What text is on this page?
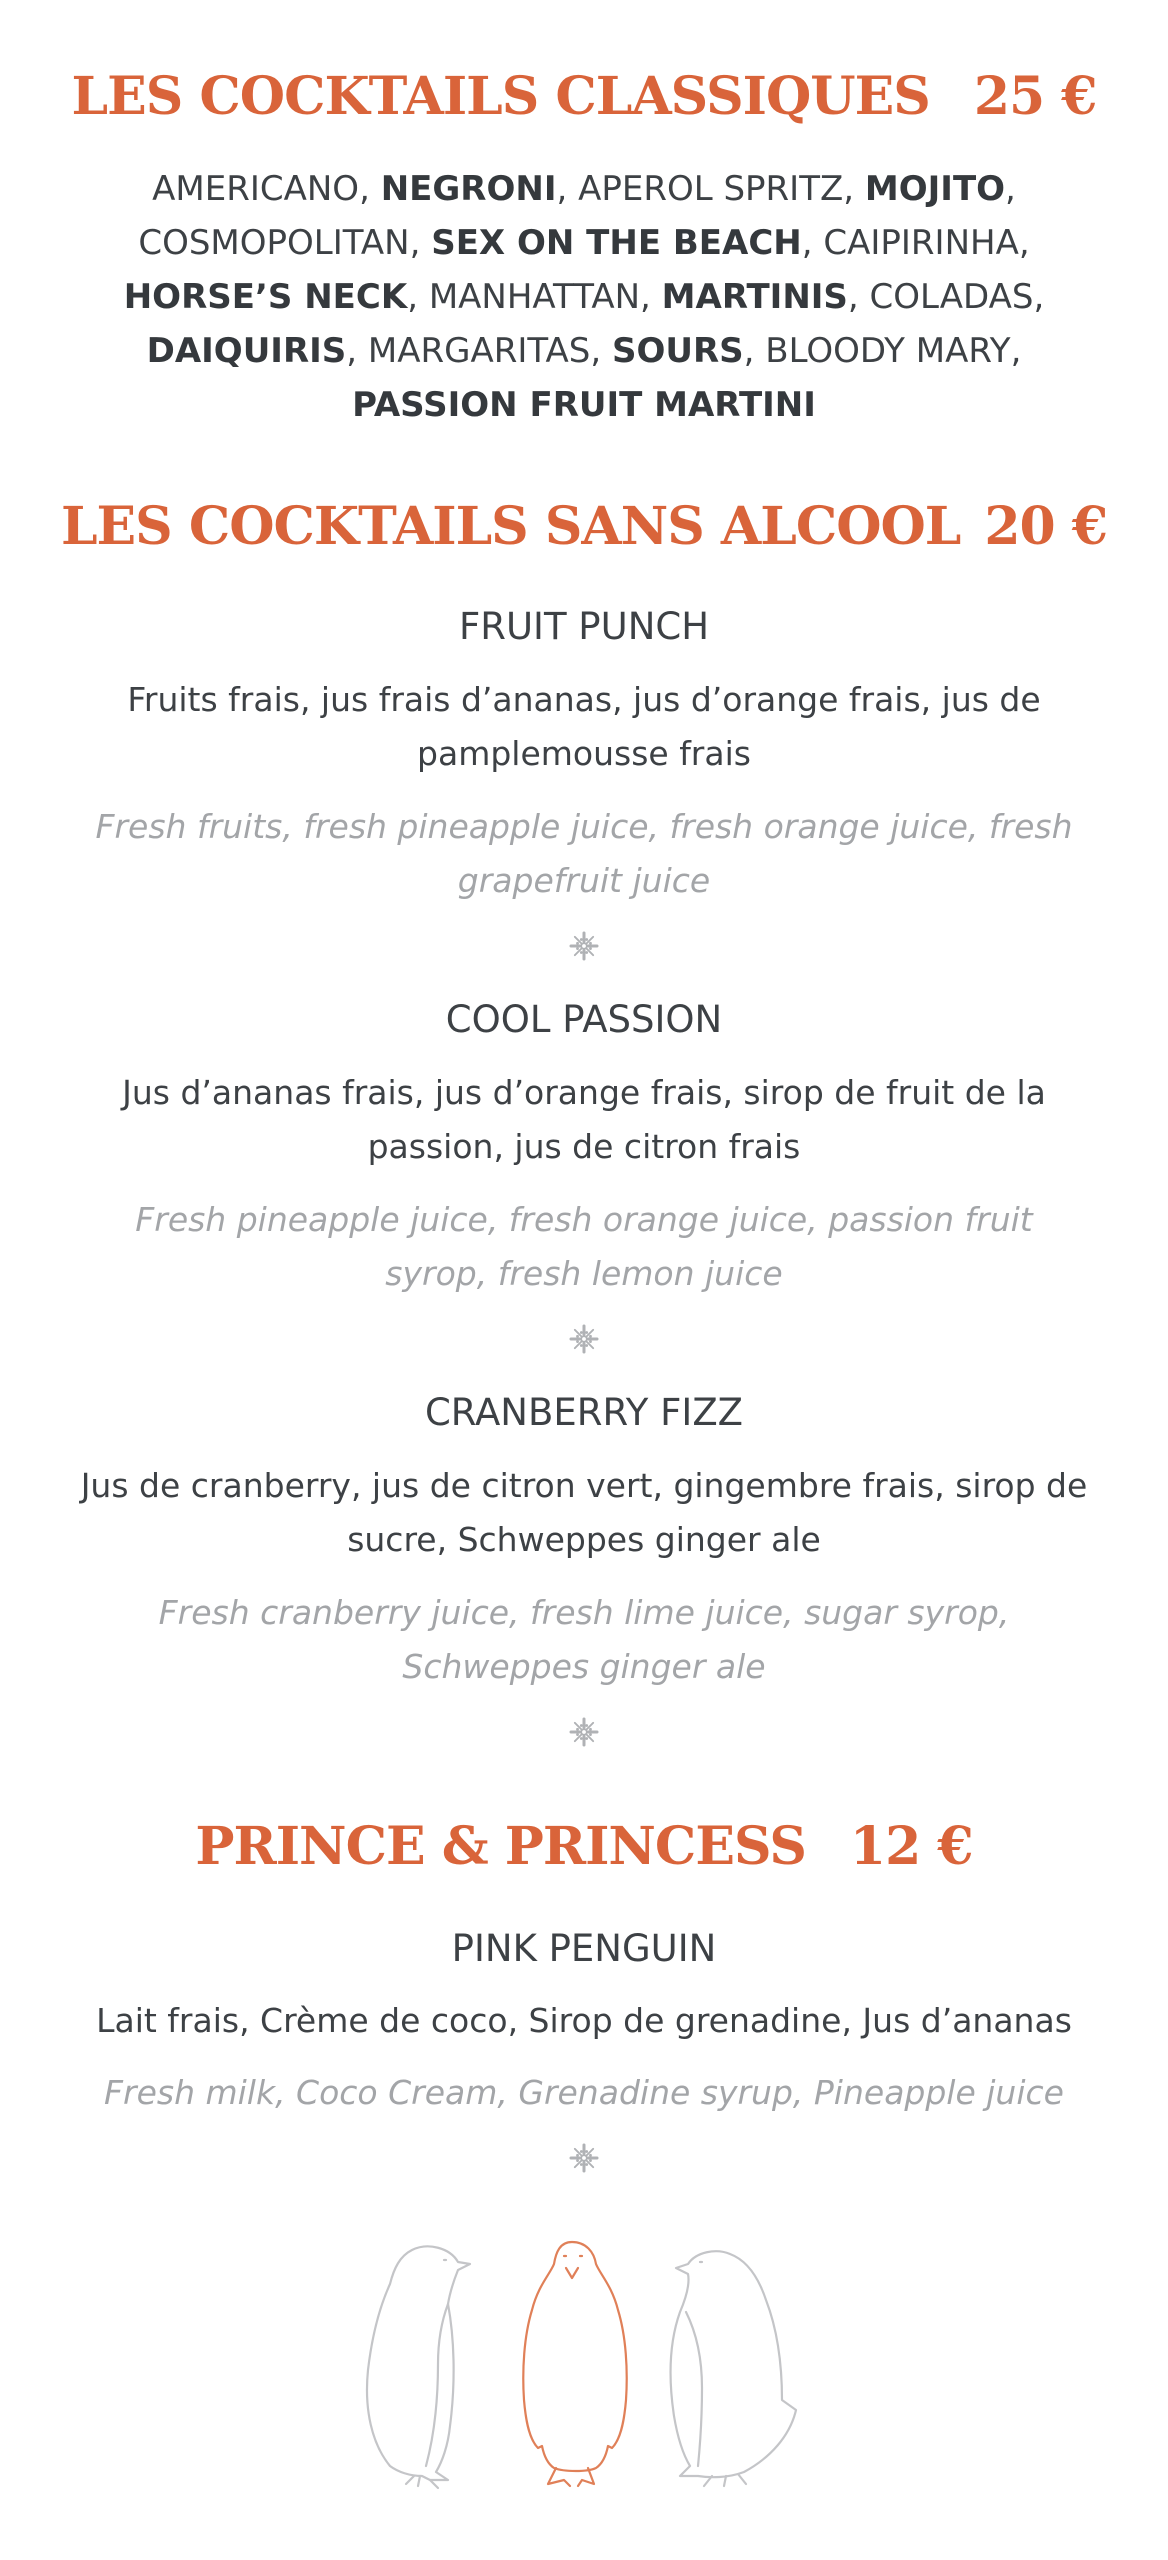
LES COCKTAILS CLASSIQUES 25 €
AMERICANO, NEGRONI, APEROL SPRITZ, MOJITO, COSMOPOLITAN, SEX ON THE BEACH, CAIPIRINHA, HORSE’S NECK, MANHATTAN, MARTINIS, COLADAS, DAIQUIRIS, MARGARITAS, SOURS, BLOODY MARY, PASSION FRUIT MARTINI
LES COCKTAILS SANS ALCOOL 20 €
FRUIT PUNCH
Fruits frais, jus frais d’ananas, jus d’orange frais, jus de pamplemousse frais
Fresh fruits, fresh pineapple juice, fresh orange juice, fresh grapefruit juice
COOL PASSION
Jus d’ananas frais, jus d’orange frais, sirop de fruit de la passion, jus de citron frais
Fresh pineapple juice, fresh orange juice, passion fruit syrop, fresh lemon juice
CRANBERRY FIZZ
Jus de cranberry, jus de citron vert, gingembre frais, sirop de sucre, Schweppes ginger ale
Fresh cranberry juice, fresh lime juice, sugar syrop, Schweppes ginger ale
PRINCE & PRINCESS 12 €
PINK PENGUIN
Lait frais, Crème de coco, Sirop de grenadine, Jus d’ananas
Fresh milk, Coco Cream, Grenadine syrup, Pineapple juice
